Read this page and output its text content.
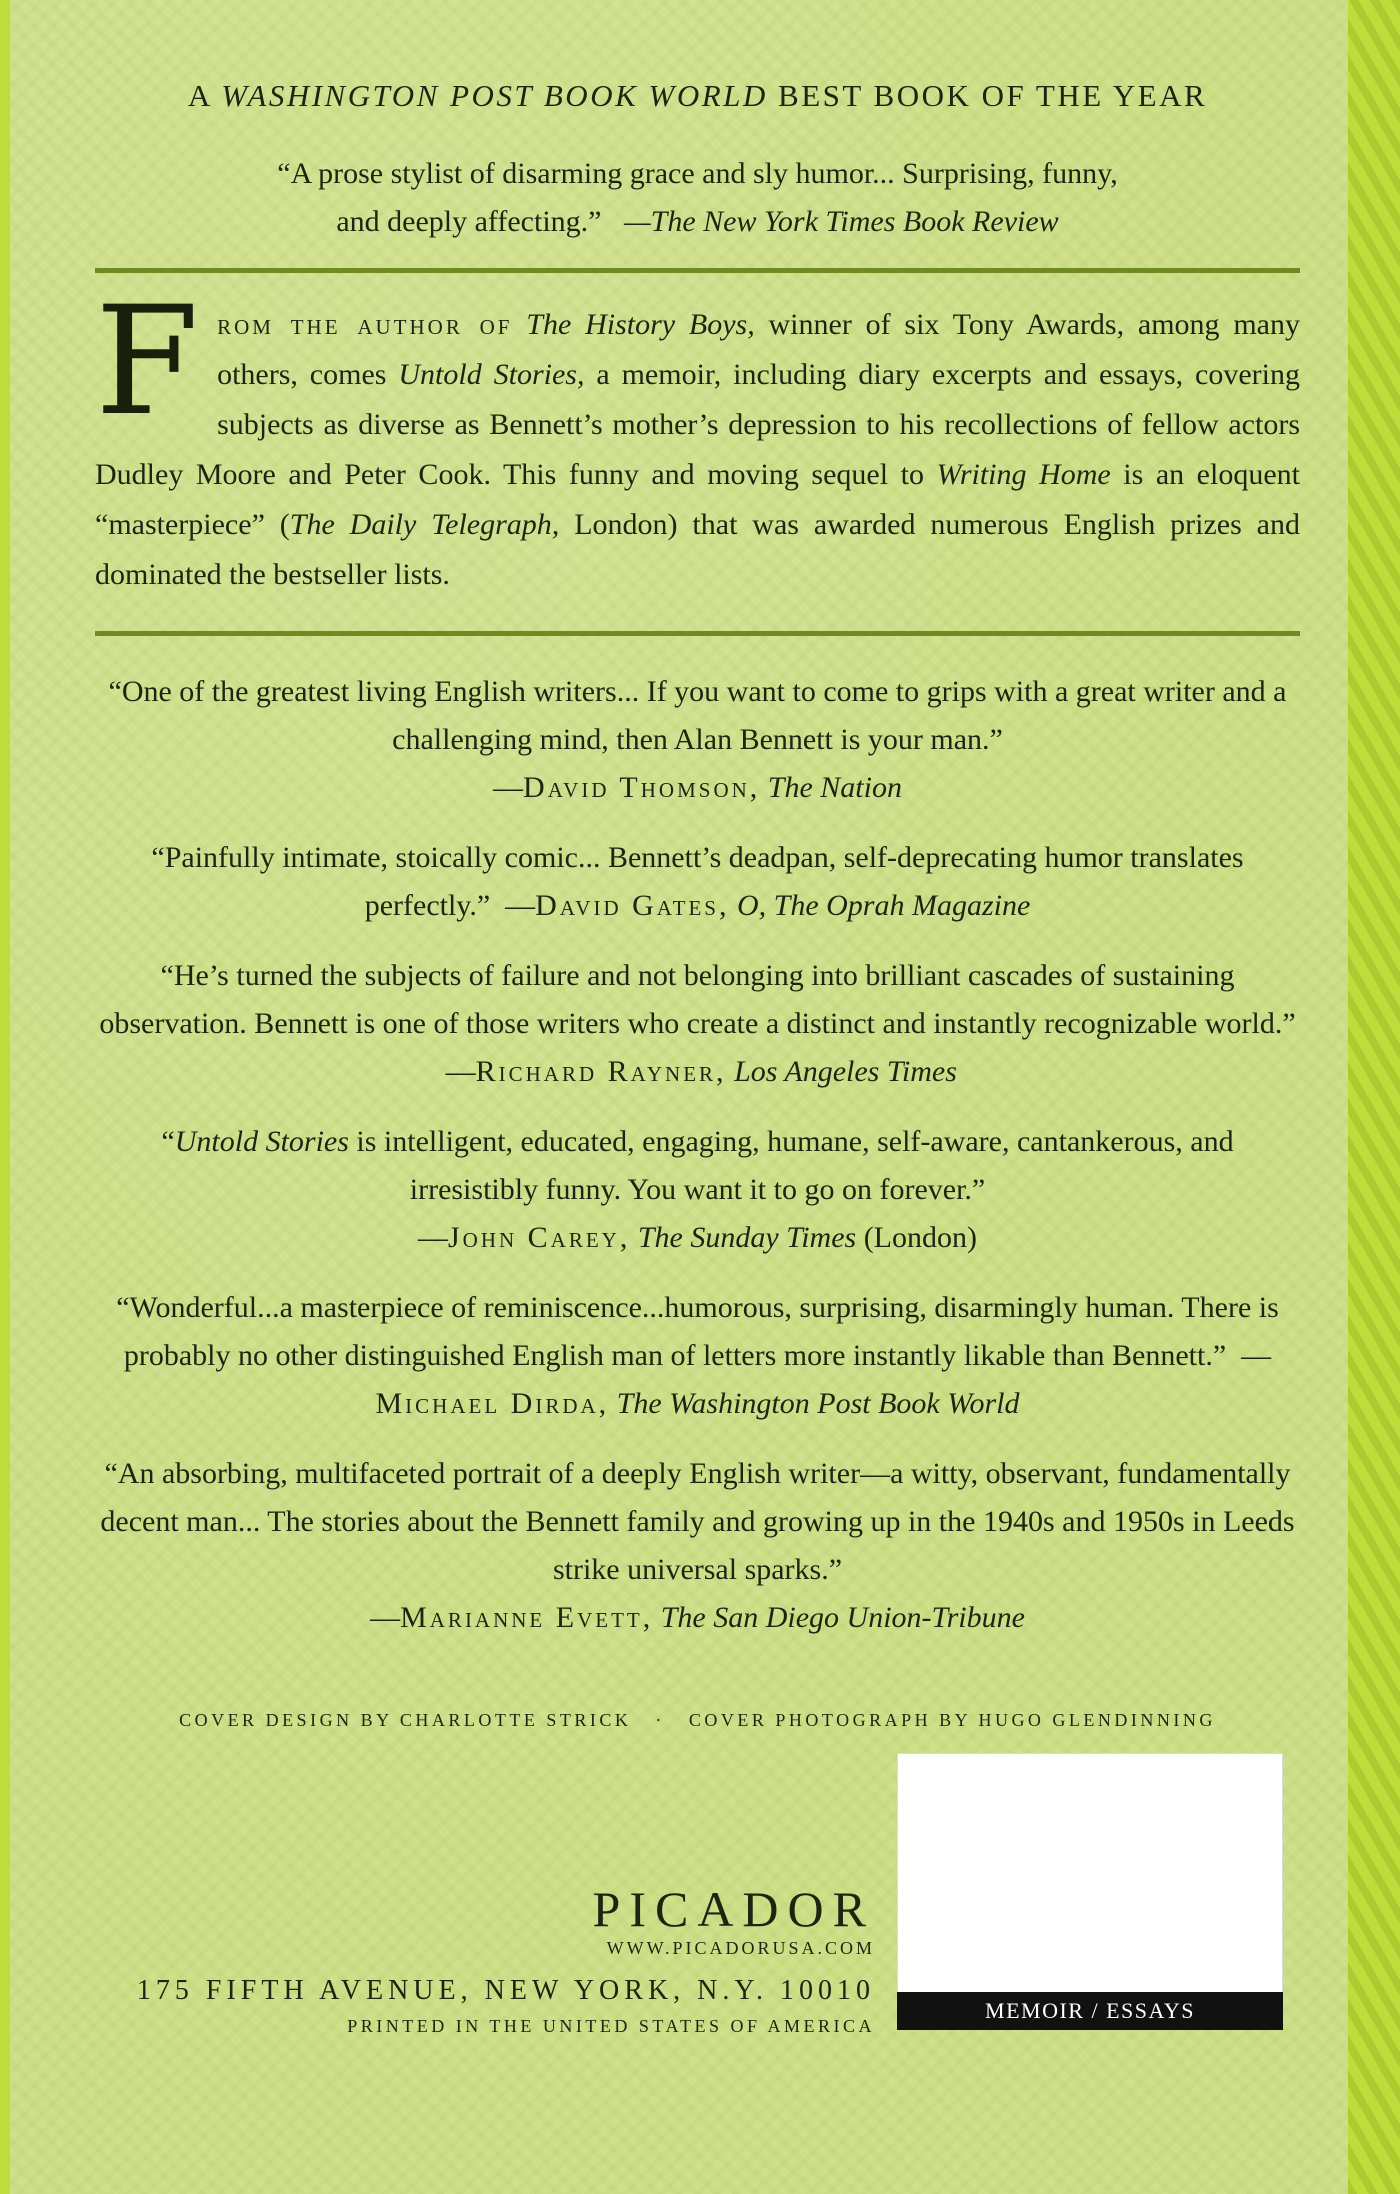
A WASHINGTON POST BOOK WORLD BEST BOOK OF THE YEAR
“A prose stylist of disarming grace and sly humor... Surprising, funny,
and deeply affecting.” —The New York Times Book Review
F rom the author of The History Boys, winner of six Tony Awards, among many others, comes Untold Stories, a memoir, including diary excerpts and essays, covering subjects as diverse as Bennett’s mother’s depression to his recollections of fellow actors Dudley Moore and Peter Cook. This funny and moving sequel to Writing Home is an eloquent “masterpiece” (The Daily Telegraph, London) that was awarded numerous English prizes and dominated the bestseller lists.

“One of the greatest living English writers... If you want to come to grips with a great writer and a challenging mind, then Alan Bennett is your man.”
—David Thomson, The Nation

“Painfully intimate, stoically comic... Bennett’s deadpan, self-deprecating humor translates perfectly.” —David Gates, O, The Oprah Magazine

“He’s turned the subjects of failure and not belonging into brilliant cascades of sustaining observation. Bennett is one of those writers who create a distinct and instantly recognizable world.”  —Richard Rayner, Los Angeles Times

“Untold Stories is intelligent, educated, engaging, humane, self-aware, cantankerous, and irresistibly funny. You want it to go on forever.”
—John Carey, The Sunday Times (London)

“Wonderful...a masterpiece of reminiscence...humorous, surprising, disarmingly human. There is probably no other distinguished English man of letters more instantly likable than Bennett.” —Michael Dirda, The Washington Post Book World

“An absorbing, multifaceted portrait of a deeply English writer—a witty, observant, fundamentally decent man... The stories about the Bennett family and growing up in the 1940s and 1950s in Leeds strike universal sparks.”
—Marianne Evett, The San Diego Union-Tribune

COVER DESIGN BY CHARLOTTE STRICK · COVER PHOTOGRAPH BY HUGO GLENDINNING
PICADOR
WWW.PICADORUSA.COM
175 FIFTH AVENUE, NEW YORK, N.Y. 10010
PRINTED IN THE UNITED STATES OF AMERICA
MEMOIR / ESSAYS
